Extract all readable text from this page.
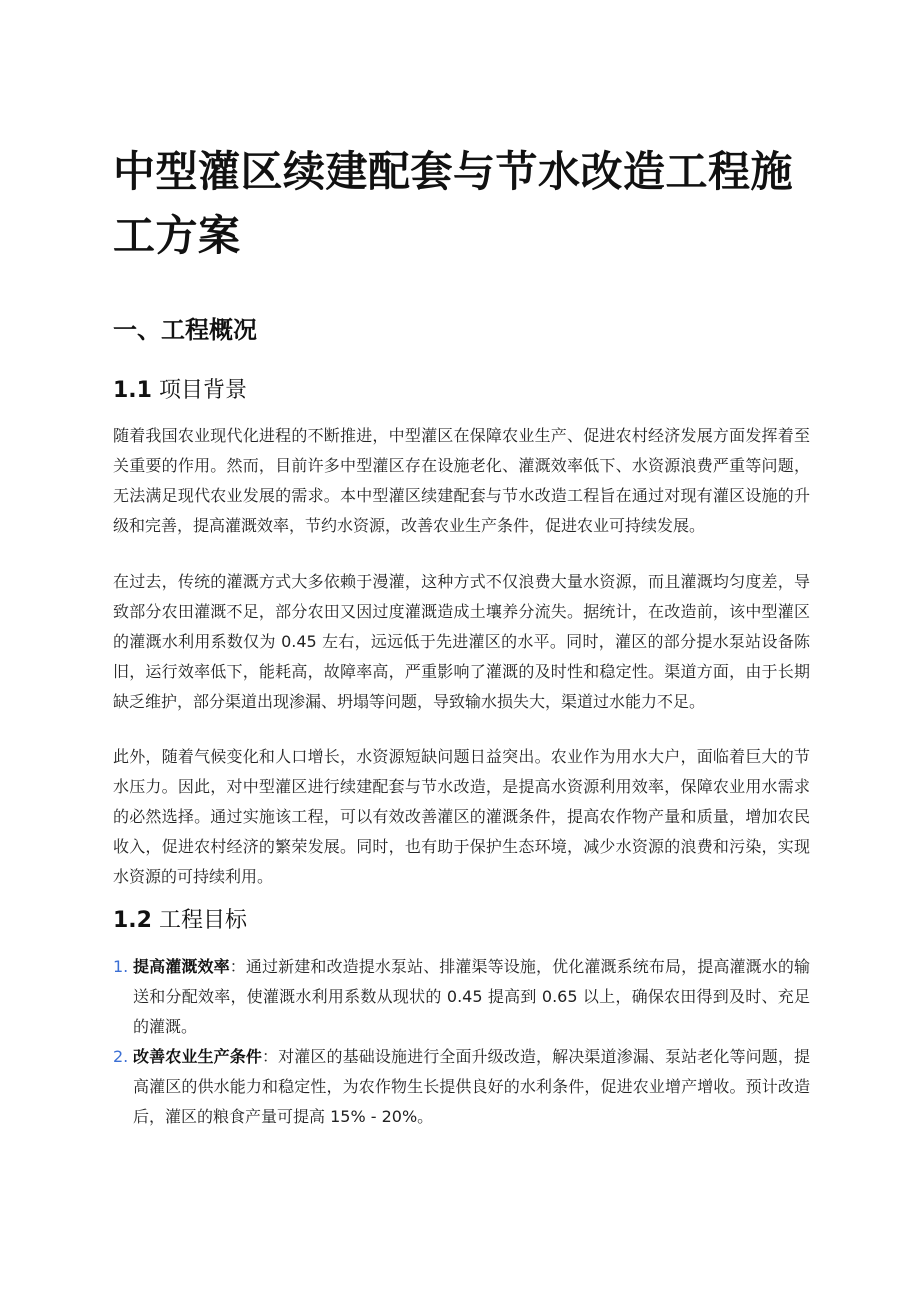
中型灌区续建配套与节水改造工程施工方案
一、工程概况
1.1 项目背景

随着我国农业现代化进程的不断推进，中型灌区在保障农业生产、促进农村经济发展方面发挥着至关重要的作用。然而，目前许多中型灌区存在设施老化、灌溉效率低下、水资源浪费严重等问题，无法满足现代农业发展的需求。本中型灌区续建配套与节水改造工程旨在通过对现有灌区设施的升级和完善，提高灌溉效率，节约水资源，改善农业生产条件，促进农业可持续发展。

在过去，传统的灌溉方式大多依赖于漫灌，这种方式不仅浪费大量水资源，而且灌溉均匀度差，导致部分农田灌溉不足，部分农田又因过度灌溉造成土壤养分流失。据统计，在改造前，该中型灌区的灌溉水利用系数仅为 0.45 左右，远远低于先进灌区的水平。同时，灌区的部分提水泵站设备陈旧，运行效率低下，能耗高，故障率高，严重影响了灌溉的及时性和稳定性。渠道方面，由于长期缺乏维护，部分渠道出现渗漏、坍塌等问题，导致输水损失大，渠道过水能力不足。

此外，随着气候变化和人口增长，水资源短缺问题日益突出。农业作为用水大户，面临着巨大的节水压力。因此，对中型灌区进行续建配套与节水改造，是提高水资源利用效率，保障农业用水需求的必然选择。通过实施该工程，可以有效改善灌区的灌溉条件，提高农作物产量和质量，增加农民收入，促进农村经济的繁荣发展。同时，也有助于保护生态环境，减少水资源的浪费和污染，实现水资源的可持续利用。

1.2 工程目标
1. 提高灌溉效率：通过新建和改造提水泵站、排灌渠等设施，优化灌溉系统布局，提高灌溉水的输送和分配效率，使灌溉水利用系数从现状的 0.45 提高到 0.65 以上，确保农田得到及时、充足的灌溉。
2. 改善农业生产条件：对灌区的基础设施进行全面升级改造，解决渠道渗漏、泵站老化等问题，提高灌区的供水能力和稳定性，为农作物生长提供良好的水利条件，促进农业增产增收。预计改造后，灌区的粮食产量可提高 15% - 20%。
